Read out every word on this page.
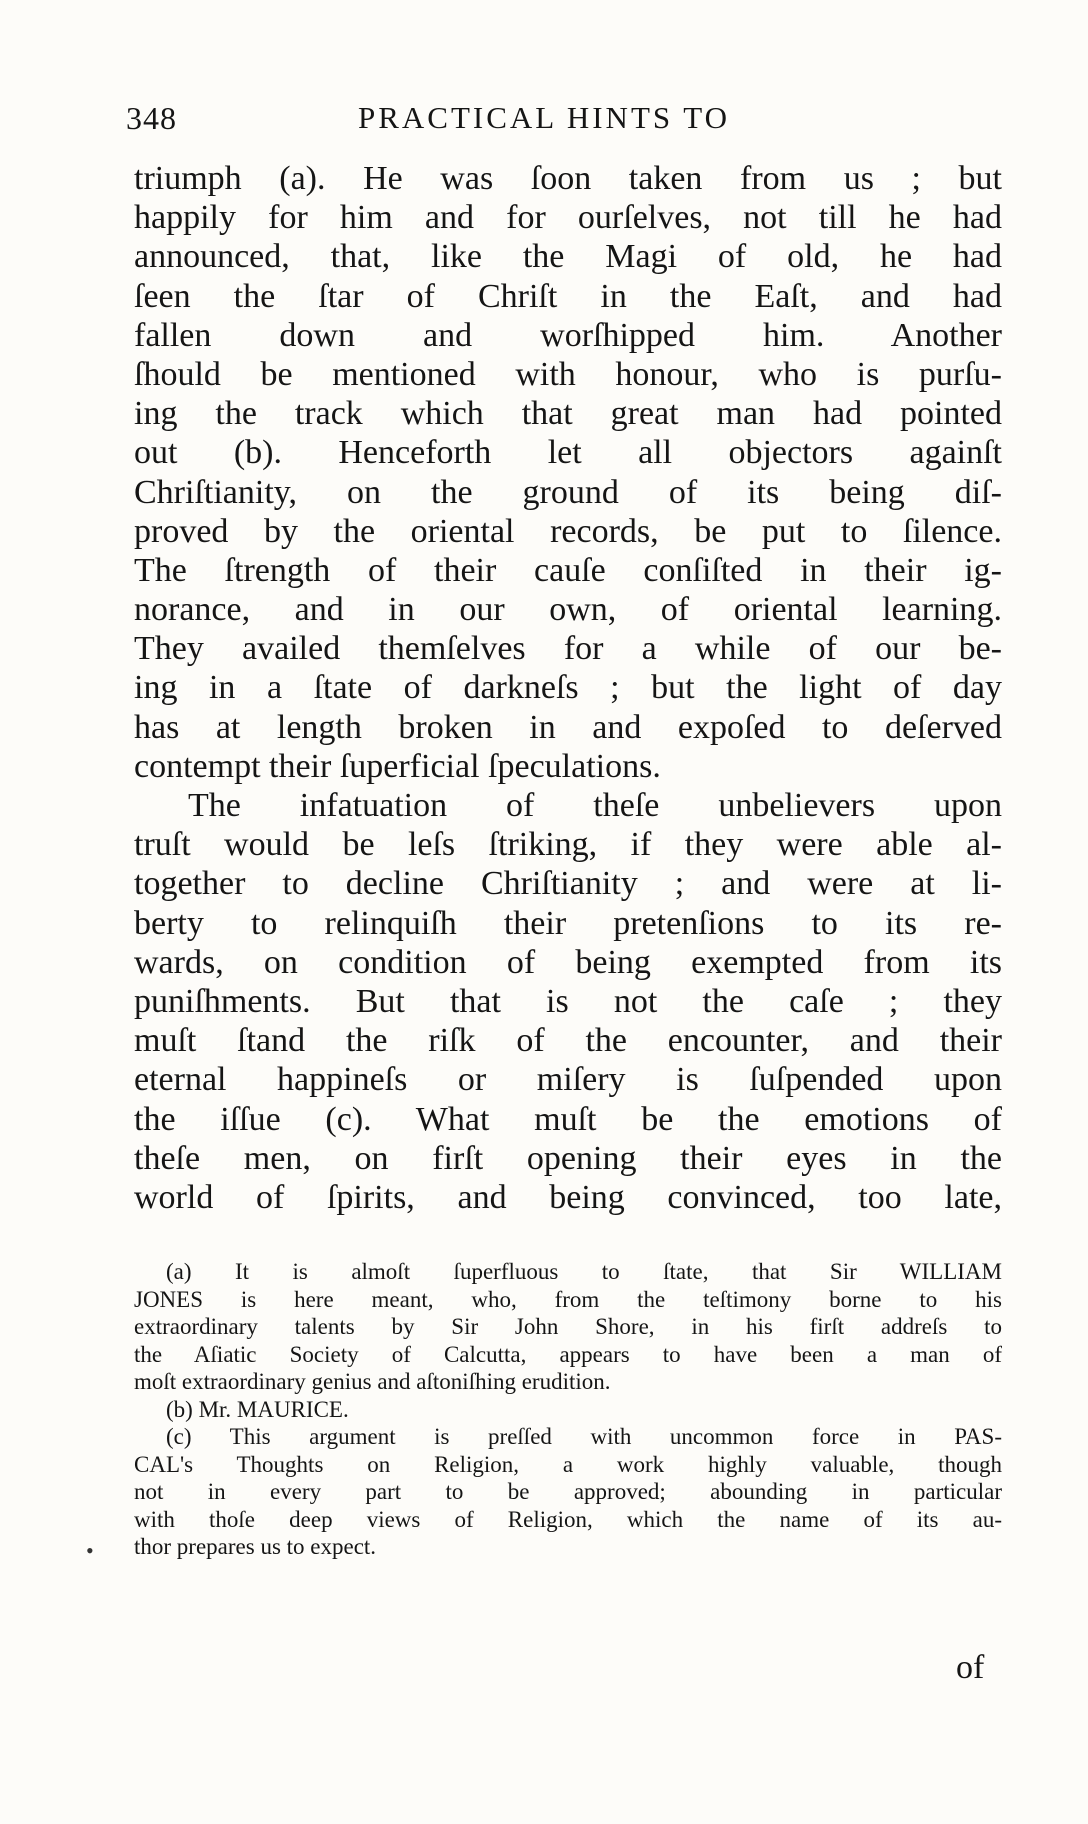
348	PRACTICAL HINTS TO
triumph (a). He was ſoon taken from us ; but
happily for him and for ourſelves, not till he had
announced, that, like the Magi of old, he had
ſeen the ſtar of Chriſt in the Eaſt, and had
fallen down and worſhipped him. Another
ſhould be mentioned with honour, who is purſu-
ing the track which that great man had pointed
out (b). Henceforth let all objectors againſt
Chriſtianity, on the ground of its being diſ-
proved by the oriental records, be put to ſilence.
The ſtrength of their cauſe conſiſted in their ig-
norance, and in our own, of oriental learning.
They availed themſelves for a while of our be-
ing in a ſtate of darkneſs ; but the light of day
has at length broken in and expoſed to deſerved
contempt their ſuperficial ſpeculations.
The infatuation of theſe unbelievers upon
truſt would be leſs ſtriking, if they were able al-
together to decline Chriſtianity ; and were at li-
berty to relinquiſh their pretenſions to its re-
wards, on condition of being exempted from its
puniſhments. But that is not the caſe ; they
muſt ſtand the riſk of the encounter, and their
eternal happineſs or miſery is ſuſpended upon
the iſſue (c). What muſt be the emotions of
theſe men, on firſt opening their eyes in the
world of ſpirits, and being convinced, too late,
(a) It is almoſt ſuperfluous to ſtate, that Sir WILLIAM
JONES is here meant, who, from the teſtimony borne to his
extraordinary talents by Sir John Shore, in his firſt addreſs to
the Aſiatic Society of Calcutta, appears to have been a man of
moſt extraordinary genius and aſtoniſhing erudition.
(b) Mr. MAURICE.
(c) This argument is preſſed with uncommon force in PAS-
CAL's Thoughts on Religion, a work highly valuable, though
not in every part to be approved; abounding in particular
with thoſe deep views of Religion, which the name of its au-
thor prepares us to expect.
•
of
